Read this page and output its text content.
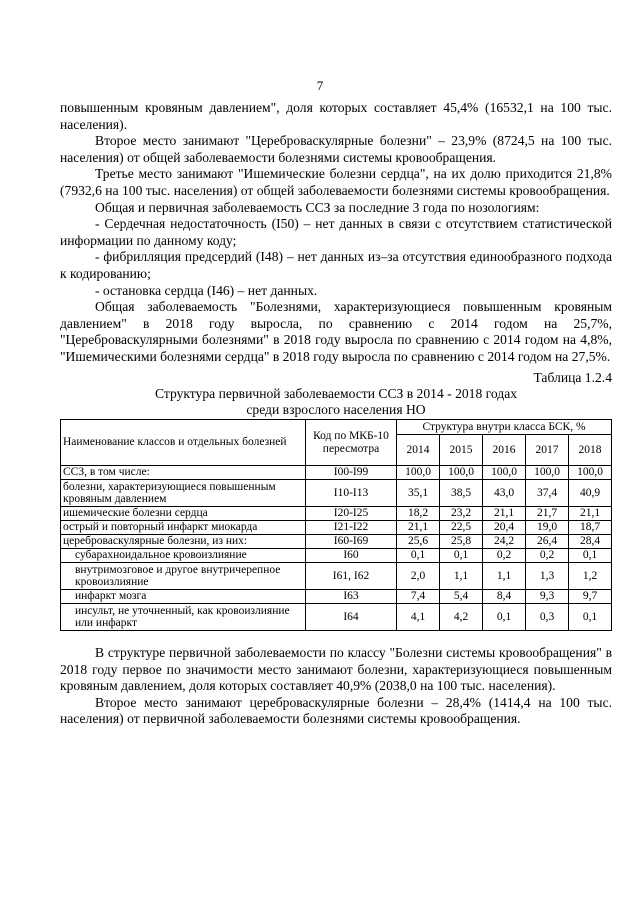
7

повышенным кровяным давлением", доля которых составляет 45,4% (16532,1 на 100 тыс. населения).

Второе место занимают "Цереброваскулярные болезни" – 23,9% (8724,5 на 100 тыс. населения) от общей заболеваемости болезнями системы кровообращения.

Третье место занимают "Ишемические болезни сердца", на их долю приходится 21,8% (7932,6 на 100 тыс. населения) от общей заболеваемости болезнями системы кровообращения.

Общая и первичная заболеваемость ССЗ за последние 3 года по нозологиям:

- Сердечная недостаточность (I50) – нет данных в связи с отсутствием статистической информации по данному коду;

- фибрилляция предсердий (I48) – нет данных из–за отсутствия единообразного подхода к кодированию;

- остановка сердца (I46) – нет данных.

Общая заболеваемость "Болезнями, характеризующиеся повышенным кровяным давлением" в 2018 году выросла, по сравнению с 2014 годом на 25,7%, "Цереброваскулярными болезнями" в 2018 году выросла по сравнению с 2014 годом на 4,8%, "Ишемическими болезнями сердца" в 2018 году выросла по сравнению с 2014 годом на 27,5%.

Таблица 1.2.4
Структура первичной заболеваемости ССЗ в 2014 - 2018 годах
среди взрослого населения НО
Наименование классов и отдельных болезней	Код по МКБ-10 пересмотра	Структура внутри класса БСК, %				
		2014	2015	2016	2017	2018
ССЗ, в том числе:	I00-I99	100,0	100,0	100,0	100,0	100,0
болезни, характеризующиеся повышенным кровяным давлением	I10-I13	35,1	38,5	43,0	37,4	40,9
ишемические болезни сердца	I20-I25	18,2	23,2	21,1	21,7	21,1
острый и повторный инфаркт миокарда	I21-I22	21,1	22,5	20,4	19,0	18,7
цереброваскулярные болезни, из них:	I60-I69	25,6	25,8	24,2	26,4	28,4
субарахноидальное кровоизлияние	I60	0,1	0,1	0,2	0,2	0,1
внутримозговое и другое внутричерепное кровоизлияние	I61, I62	2,0	1,1	1,1	1,3	1,2
инфаркт мозга	I63	7,4	5,4	8,4	9,3	9,7
инсульт, не уточненный, как кровоизлияние или инфаркт	I64	4,1	4,2	0,1	0,3	0,1

В структуре первичной заболеваемости по классу "Болезни системы кровообращения" в 2018 году первое по значимости место занимают болезни, характеризующиеся повышенным кровяным давлением, доля которых составляет 40,9% (2038,0 на 100 тыс. населения).

Второе место занимают цереброваскулярные болезни – 28,4% (1414,4 на 100 тыс. населения) от первичной заболеваемости болезнями системы кровообращения.
